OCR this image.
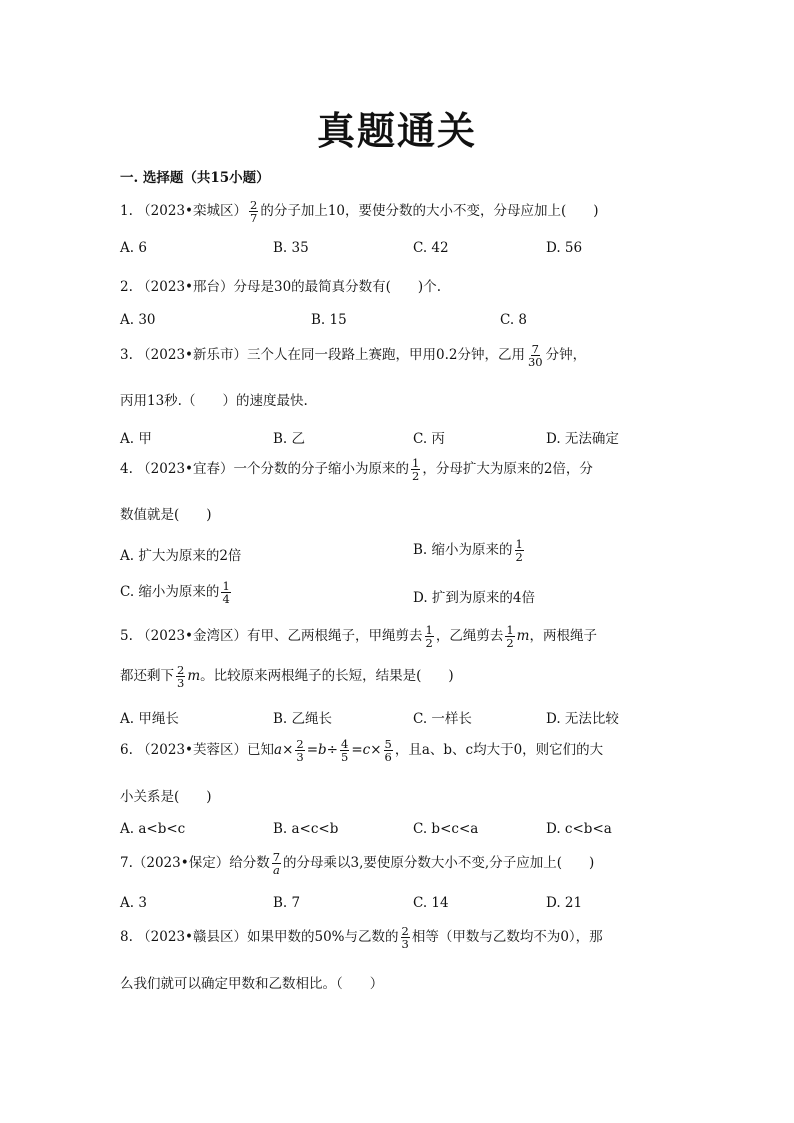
真题通关
一. 选择题（共15小题）
1. （2023•栾城区） $\frac{2}{7}$ 的分子加上10，要使分数的大小不变，分母应加上(　　)
A. 6	B. 35	C. 42	D. 56
2. （2023•邢台）分母是30的最简真分数有(　　)个.
A. 30	B. 15	C. 8
3. （2023•新乐市）三个人在同一段路上赛跑，甲用0.2分钟，乙用 $\frac{7}{30}$ 分钟，
丙用13秒.（　　）的速度最快.
A. 甲	B. 乙	C. 丙	D. 无法确定
4. （2023•宜春）一个分数的分子缩小为原来的 $\frac{1}{2}$ ，分母扩大为原来的2倍，分
数值就是(　　)
A. 扩大为原来的2倍	B. 缩小为原来的 $\frac{1}{2}$
C. 缩小为原来的 $\frac{1}{4}$	D. 扩到为原来的4倍
5. （2023•金湾区）有甲、乙两根绳子，甲绳剪去 $\frac{1}{2}$ ，乙绳剪去 $\frac{1}{2}$ m，两根绳子
都还剩下 $\frac{2}{3}$ m。比较原来两根绳子的长短，结果是(　　)
A. 甲绳长	B. 乙绳长	C. 一样长	D. 无法比较
6. （2023•芙蓉区）已知$a\times \frac{2}{3} =b\div \frac{4}{5} =c\times \frac{5}{6}$ ，且a、b、c均大于0，则它们的大
小关系是(　　)
A. a<b<c	B. a<c<b	C. b<c<a	D. c<b<a
7.（2023•保定）给分数 $\frac{7}{a}$ 的分母乘以3,要使原分数大小不变,分子应加上(　　)
A. 3	B. 7	C. 14	D. 21
8. （2023•赣县区）如果甲数的50%与乙数的 $\frac{2}{3}$ 相等（甲数与乙数均不为0），那
么我们就可以确定甲数和乙数相比。（　　）
